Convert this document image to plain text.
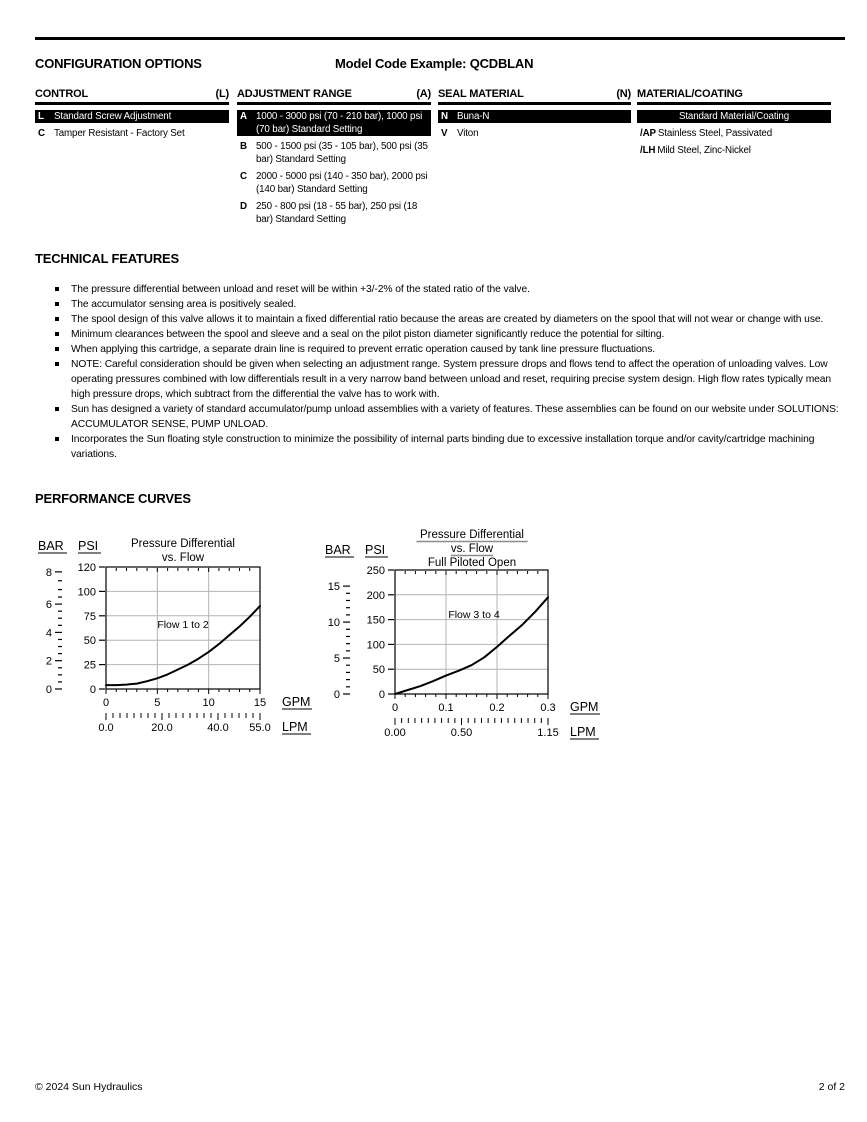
CONFIGURATION OPTIONS	Model Code Example: QCDBLAN
CONTROL	(L)
L	Standard Screw Adjustment
C Tamper Resistant - Factory Set
ADJUSTMENT RANGE	(A)
A 1000 - 3000 psi (70 - 210 bar), 1000 psi (70 bar) Standard Setting
B 500 - 1500 psi (35 - 105 bar), 500 psi (35 bar) Standard Setting
C 2000 - 5000 psi (140 - 350 bar), 2000 psi (140 bar) Standard Setting
D 250 - 800 psi (18 - 55 bar), 250 psi (18 bar) Standard Setting
SEAL MATERIAL	(N)
N Buna-N
V Viton
MATERIAL/COATING
Standard Material/Coating
/AP Stainless Steel, Passivated
/LH Mild Steel, Zinc-Nickel
TECHNICAL FEATURES
The pressure differential between unload and reset will be within +3/-2% of the stated ratio of the valve.
The accumulator sensing area is positively sealed.
The spool design of this valve allows it to maintain a fixed differential ratio because the areas are created by diameters on the spool that will not wear or change with use.
Minimum clearances between the spool and sleeve and a seal on the pilot piston diameter significantly reduce the potential for silting.
When applying this cartridge, a separate drain line is required to prevent erratic operation caused by tank line pressure fluctuations.
NOTE: Careful consideration should be given when selecting an adjustment range. System pressure drops and flows tend to affect the operation of unloading valves. Low operating pressures combined with low differentials result in a very narrow band between unload and reset, requiring precise system design. High flow rates typically mean high pressure drops, which subtract from the differential the valve has to work with.
Sun has designed a variety of standard accumulator/pump unload assemblies with a variety of features. These assemblies can be found on our website under SOLUTIONS: ACCUMULATOR SENSE, PUMP UNLOAD.
Incorporates the Sun floating style construction to minimize the possibility of internal parts binding due to excessive installation torque and/or cavity/cartridge machining variations.
PERFORMANCE CURVES
0
25
50
75
100
120
0
2
4
6
8
0	5	10	15
0.0	20.0	40.0 55.0
GPM
LPM
BAR PSI	Pressure Differential
vs. Flow
Flow 1 to 2
0
50
100
150
200
250
0
5
10
15
0	0.1	0.2	0.3
0.00	0.50	1.15
GPM
LPM
BAR PSI
Pressure Differential
vs. Flow
Full Piloted Open
Flow 3 to 4
© 2024 Sun Hydraulics	2 of 2
